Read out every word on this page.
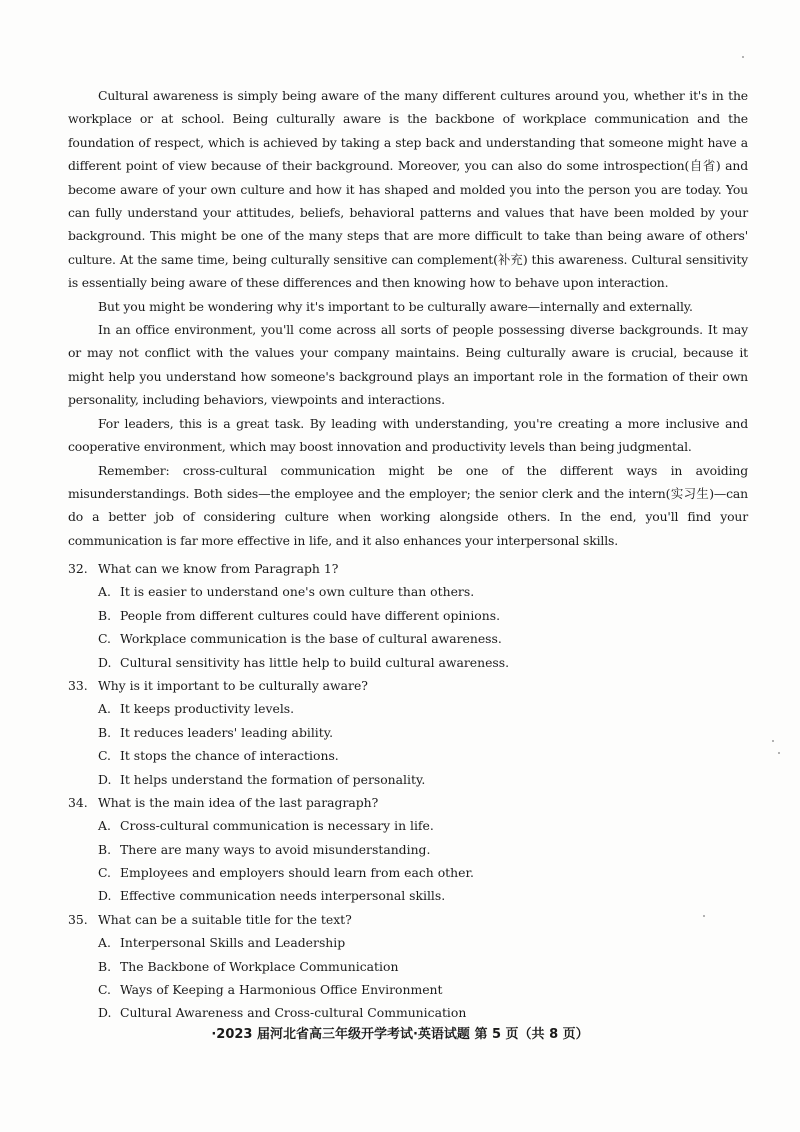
Cultural awareness is simply being aware of the many different cultures around you, whether it's in the workplace or at school. Being culturally aware is the backbone of workplace communication and the foundation of respect, which is achieved by taking a step back and understanding that someone might have a different point of view because of their background. Moreover, you can also do some introspection(自省) and become aware of your own culture and how it has shaped and molded you into the person you are today. You can fully understand your attitudes, beliefs, behavioral patterns and values that have been molded by your background. This might be one of the many steps that are more difficult to take than being aware of others' culture. At the same time, being culturally sensitive can complement(补充) this awareness. Cultural sensitivity is essentially being aware of these differences and then knowing how to behave upon interaction.

But you might be wondering why it's important to be culturally aware—internally and externally.

In an office environment, you'll come across all sorts of people possessing diverse backgrounds. It may or may not conflict with the values your company maintains. Being culturally aware is crucial, because it might help you understand how someone's background plays an important role in the formation of their own personality, including behaviors, viewpoints and interactions.

For leaders, this is a great task. By leading with understanding, you're creating a more inclusive and cooperative environment, which may boost innovation and productivity levels than being judgmental.

Remember: cross-cultural communication might be one of the different ways in avoiding misunderstandings. Both sides—the employee and the employer; the senior clerk and the intern(实习生)—can do a better job of considering culture when working alongside others. In the end, you'll find your communication is far more effective in life, and it also enhances your interpersonal skills.

32. What can we know from Paragraph 1?
A. It is easier to understand one's own culture than others.
B. People from different cultures could have different opinions.
C. Workplace communication is the base of cultural awareness.
D. Cultural sensitivity has little help to build cultural awareness.
33. Why is it important to be culturally aware?
A. It keeps productivity levels.
B. It reduces leaders' leading ability.
C. It stops the chance of interactions.
D. It helps understand the formation of personality.
34. What is the main idea of the last paragraph?
A. Cross-cultural communication is necessary in life.
B. There are many ways to avoid misunderstanding.
C. Employees and employers should learn from each other.
D. Effective communication needs interpersonal skills.
35. What can be a suitable title for the text?
A. Interpersonal Skills and Leadership
B. The Backbone of Workplace Communication
C. Ways of Keeping a Harmonious Office Environment
D. Cultural Awareness and Cross-cultural Communication
·2023 届河北省高三年级开学考试·英语试题 第 5 页（共 8 页）
